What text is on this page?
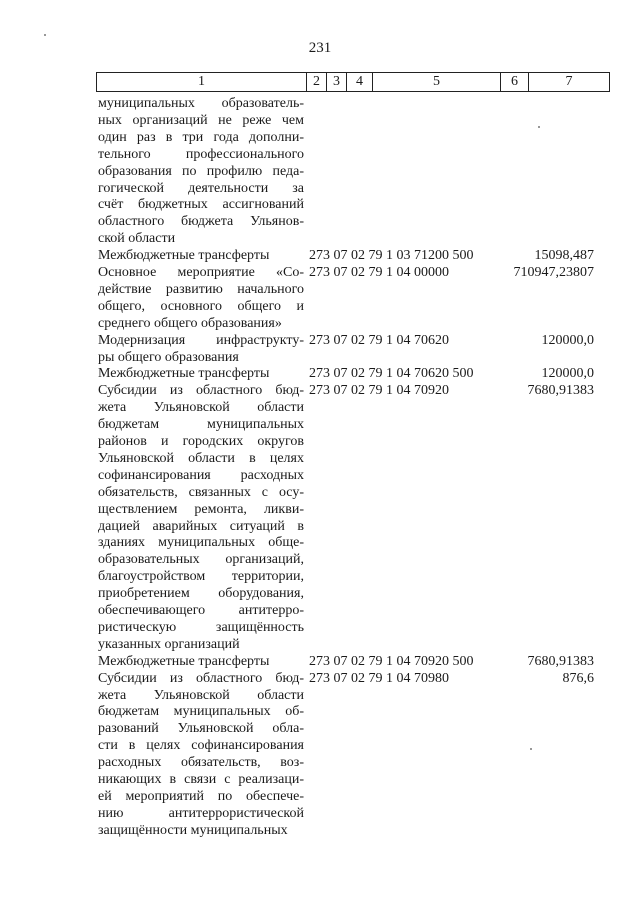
231
1	2 3	4	5	6	7
муниципальных образователь-
ных организаций не реже чем
один раз в три года дополни-
тельного профессионального
образования по профилю педа-
гогической деятельности за
счёт бюджетных ассигнований
областного бюджета Ульянов-
ской области
Межбюджетные трансферты	273 07 02 79 1 03 71200 500	15098,487
Основное мероприятие «Со-
действие развитию начального
общего, основного общего и
среднего общего образования»
273 07 02 79 1 04 00000	710947,23807
Модернизация инфраструкту-
ры общего образования
273 07 02 79 1 04 70620	120000,0
Межбюджетные трансферты	273 07 02 79 1 04 70620 500	120000,0
Субсидии из областного бюд-
жета Ульяновской области
бюджетам муниципальных
районов и городских округов
Ульяновской области в целях
софинансирования расходных
обязательств, связанных с осу-
ществлением ремонта, ликви-
дацией аварийных ситуаций в
зданиях муниципальных обще-
образовательных организаций,
благоустройством территории,
приобретением оборудования,
обеспечивающего антитерро-
ристическую защищённость
указанных организаций
273 07 02 79 1 04 70920	7680,91383
Межбюджетные трансферты	273 07 02 79 1 04 70920 500	7680,91383
Субсидии из областного бюд-
жета Ульяновской области
бюджетам муниципальных об-
разований Ульяновской обла-
сти в целях софинансирования
расходных обязательств, воз-
никающих в связи с реализаци-
ей мероприятий по обеспече-
нию антитеррористической
защищённости муниципальных
273 07 02 79 1 04 70980	876,6
